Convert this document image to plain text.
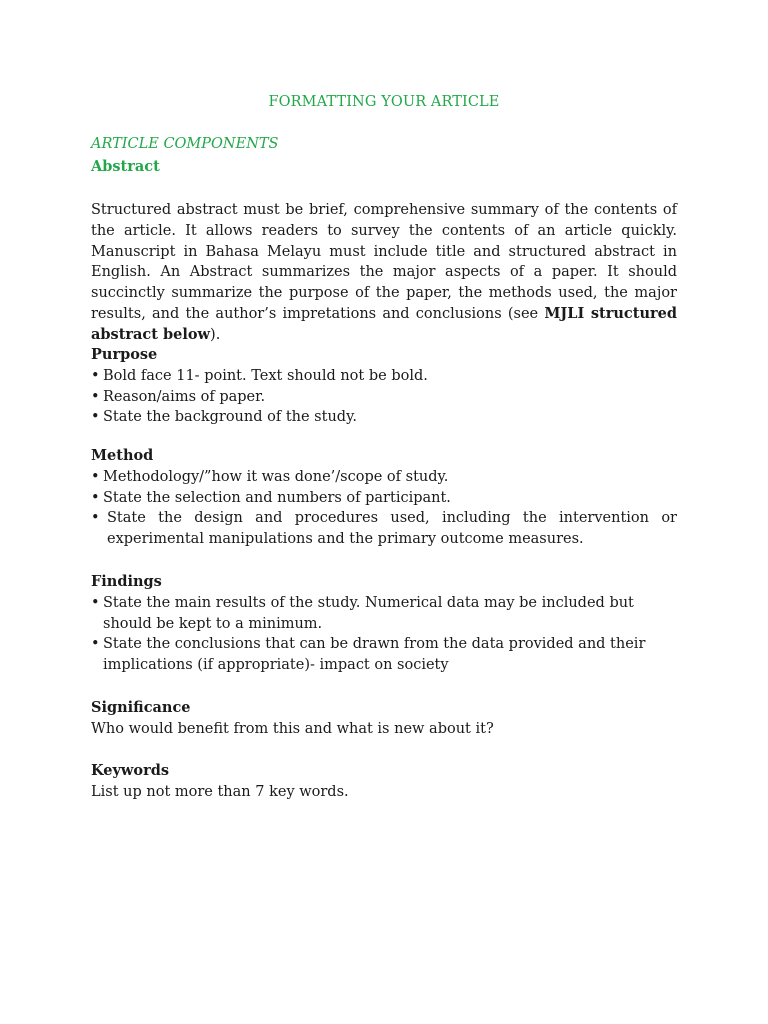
FORMATTING YOUR ARTICLE
ARTICLE COMPONENTS
Abstract
Structured abstract must be brief, comprehensive summary of the contents of the article. It allows readers to survey the contents of an article quickly. Manuscript in Bahasa Melayu must include title and structured abstract in English. An Abstract summarizes the major aspects of a paper. It should succinctly summarize the purpose of the paper, the methods used, the major results, and the author’s impretations and conclusions (see MJLI structured abstract below).
Purpose
• Bold face 11- point. Text should not be bold.
• Reason/aims of paper.
• State the background of the study.
Method
• Methodology/”how it was done’/scope of study.
• State the selection and numbers of participant.
• State the design and procedures used, including the intervention or experimental manipulations and the primary outcome measures.
Findings
• State the main results of the study. Numerical data may be included but should be kept to a minimum.
• State the conclusions that can be drawn from the data provided and their implications (if appropriate)- impact on society
Significance

Who would benefit from this and what is new about it?

Keywords

List up not more than 7 key words.
